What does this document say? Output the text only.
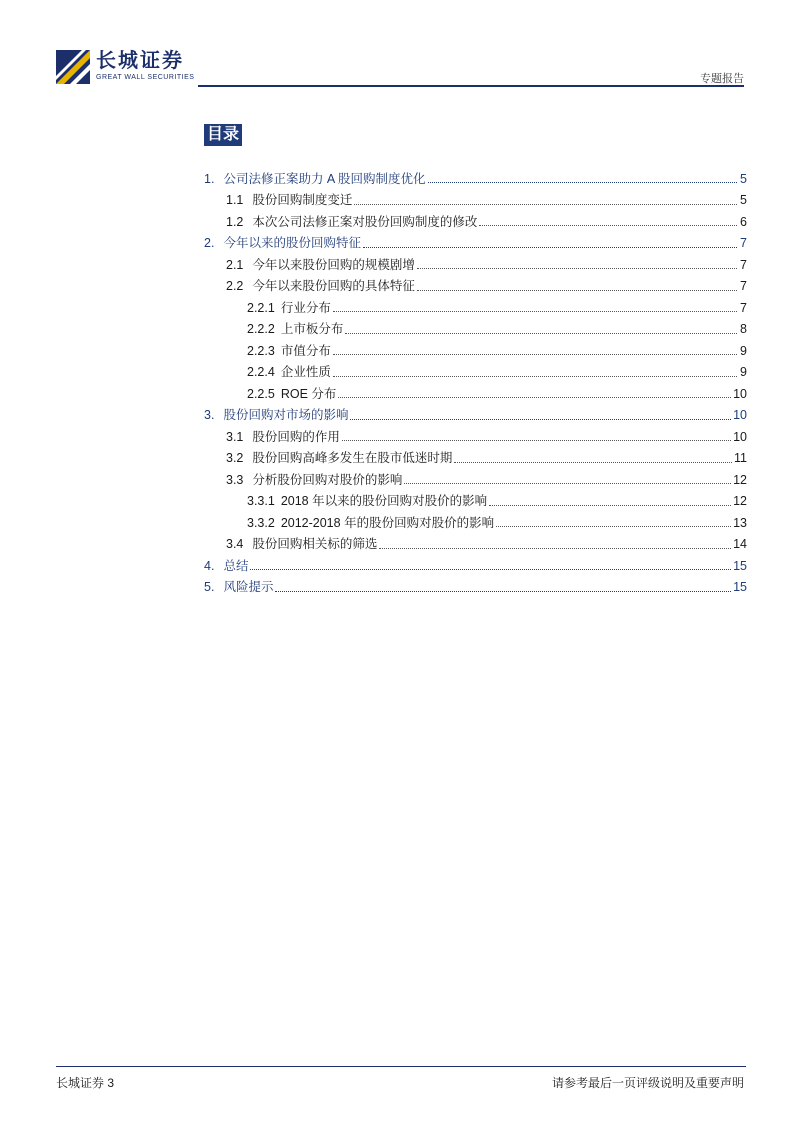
长城证券
GREAT WALL SECURITIES	专题报告
目录
1. 公司法修正案助力 A 股回购制度优化	5
1.1 股份回购制度变迁	5
1.2 本次公司法修正案对股份回购制度的修改	6
2. 今年以来的股份回购特征	7
2.1 今年以来股份回购的规模剧增	7
2.2 今年以来股份回购的具体特征	7
2.2.1 行业分布	7
2.2.2 上市板分布	8
2.2.3 市值分布	9
2.2.4 企业性质	9
2.2.5 ROE 分布	10
3. 股份回购对市场的影响	10
3.1 股份回购的作用	10
3.2 股份回购高峰多发生在股市低迷时期	11
3.3 分析股份回购对股价的影响	12
3.3.1 2018 年以来的股份回购对股价的影响	12
3.3.2 2012-2018 年的股份回购对股价的影响	13
3.4 股份回购相关标的筛选	14
4. 总结	15
5. 风险提示	15
长城证券 3	请参考最后一页评级说明及重要声明
